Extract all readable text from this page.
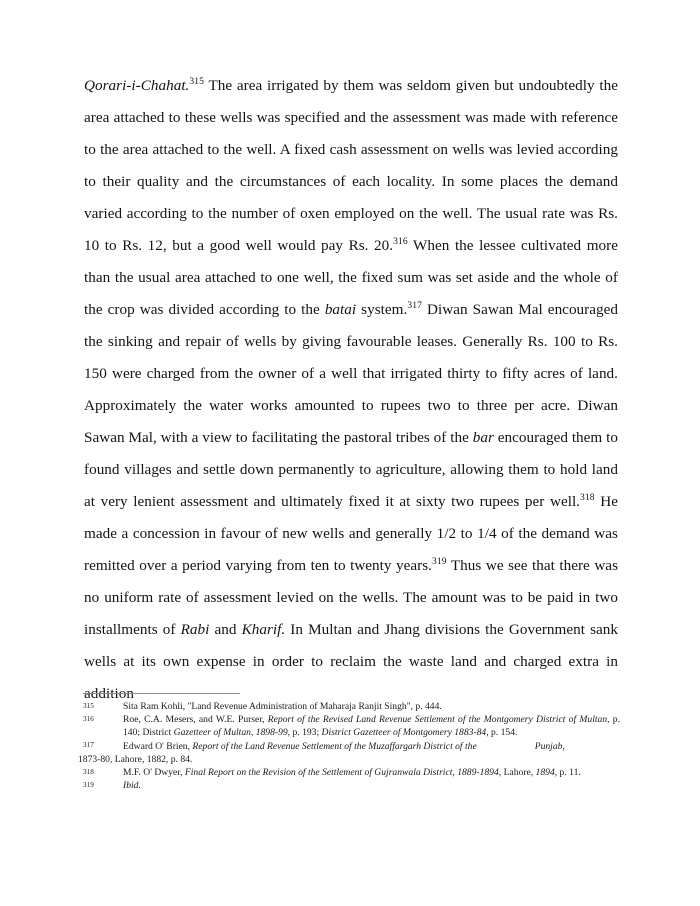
Qorari-i-Chahat.$^{315}$ The area irrigated by them was seldom given but undoubtedly the area attached to these wells was specified and the assessment was made with reference to the area attached to the well. A fixed cash assessment on wells was levied according to their quality and the circumstances of each locality. In some places the demand varied according to the number of oxen employed on the well. The usual rate was Rs. 10 to Rs. 12, but a good well would pay Rs. 20.$^{316}$ When the lessee cultivated more than the usual area attached to one well, the fixed sum was set aside and the whole of the crop was divided according to the batai system.$^{317}$ Diwan Sawan Mal encouraged the sinking and repair of wells by giving favourable leases. Generally Rs. 100 to Rs. 150 were charged from the owner of a well that irrigated thirty to fifty acres of land. Approximately the water works amounted to rupees two to three per acre. Diwan Sawan Mal, with a view to facilitating the pastoral tribes of the bar encouraged them to found villages and settle down permanently to agriculture, allowing them to hold land at very lenient assessment and ultimately fixed it at sixty two rupees per well.$^{318}$ He made a concession in favour of new wells and generally 1/2 to 1/4 of the demand was remitted over a period varying from ten to twenty years.$^{319}$ Thus we see that there was no uniform rate of assessment levied on the wells. The amount was to be paid in two installments of Rabi and Kharif. In Multan and Jhang divisions the Government sank wells at its own expense in order to reclaim the waste land and charged extra in addition

315	Sita Ram Kohli, "Land Revenue Administration of Maharaja Ranjit Singh", p. 444.
316	Roe, C.A. Mesers, and W.E. Purser, Report of the Revised Land Revenue Settlement of the Montgomery District of Multan, p. 140; District Gazetteer of Multan, 1898-99, p. 193; District Gazetteer of Montgomery 1883-84, p. 154.
317	Edward O' Brien, Report of the Land Revenue Settlement of the Muzaffargarh District of the	Punjab,
1873-80, Lahore, 1882, p. 84.
318	M.F. O' Dwyer, Final Report on the Revision of the Settlement of Gujranwala District, 1889-1894, Lahore, 1894, p. 11.
319	Ibid.
